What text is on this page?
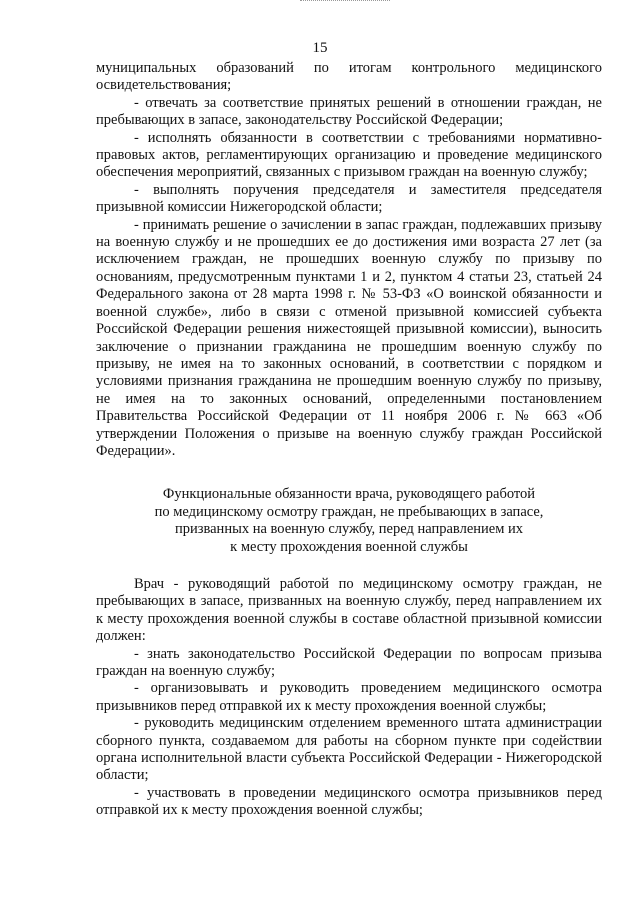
15

муниципальных образований по итогам контрольного медицинского освидетельствования;

- отвечать за соответствие принятых решений в отношении граждан, не пребывающих в запасе, законодательству Российской Федерации;

- исполнять обязанности в соответствии с требованиями нормативно-правовых актов, регламентирующих организацию и проведение медицинского обеспечения мероприятий, связанных с призывом граждан на военную службу;

- выполнять поручения председателя и заместителя председателя призывной комиссии Нижегородской области;

- принимать решение о зачислении в запас граждан, подлежавших призыву на военную службу и не прошедших ее до достижения ими возраста 27 лет (за исключением граждан, не прошедших военную службу по призыву по основаниям, предусмотренным пунктами 1 и 2, пунктом 4 статьи 23, статьей 24 Федерального закона от 28 марта 1998 г. № 53-ФЗ «О воинской обязанности и военной службе», либо в связи с отменой призывной комиссией субъекта Российской Федерации решения нижестоящей призывной комиссии), выносить заключение о признании гражданина не прошедшим военную службу по призыву, не имея на то законных оснований, в соответствии с порядком и условиями признания гражданина не прошедшим военную службу по призыву, не имея на то законных оснований, определенными постановлением Правительства Российской Федерации от 11 ноября 2006 г. № 663 «Об утверждении Положения о призыве на военную службу граждан Российской Федерации».

Функциональные обязанности врача, руководящего работой
по медицинскому осмотру граждан, не пребывающих в запасе,
призванных на военную службу, перед направлением их
к месту прохождения военной службы

Врач - руководящий работой по медицинскому осмотру граждан, не пребывающих в запасе, призванных на военную службу, перед направлением их к месту прохождения военной службы в составе областной призывной комиссии должен:

- знать законодательство Российской Федерации по вопросам призыва граждан на военную службу;

- организовывать и руководить проведением медицинского осмотра призывников перед отправкой их к месту прохождения военной службы;

- руководить медицинским отделением временного штата администрации сборного пункта, создаваемом для работы на сборном пункте при содействии органа исполнительной власти субъекта Российской Федерации - Нижегородской области;

- участвовать в проведении медицинского осмотра призывников перед отправкой их к месту прохождения военной службы;
